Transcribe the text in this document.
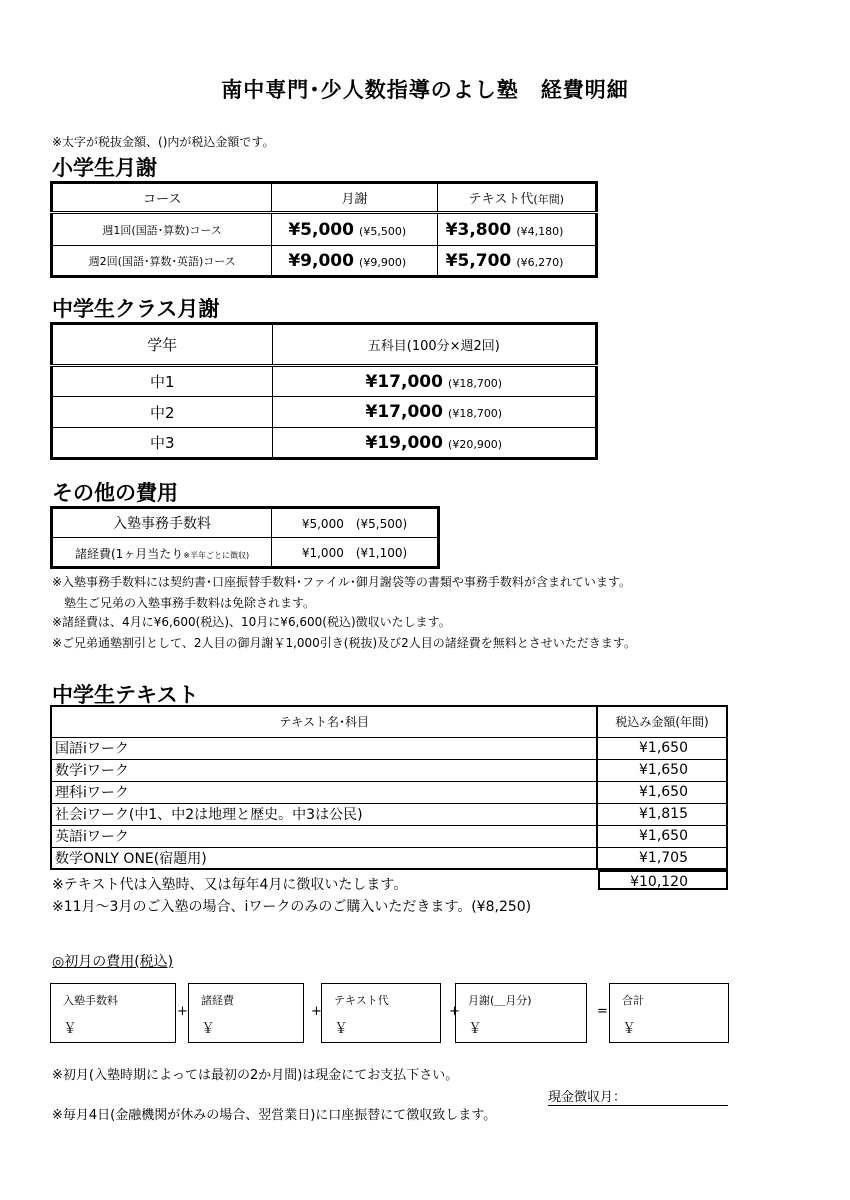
南中専門･少人数指導のよし塾　経費明細
※太字が税抜金額、()内が税込金額です。
小学生月謝
コース	月謝	テキスト代(年間)
週1回(国語･算数)コース	¥5,000 (¥5,500)	¥3,800 (¥4,180)
週2回(国語･算数･英語)コース	¥9,000 (¥9,900)	¥5,700 (¥6,270)
中学生クラス月謝
学年	五科目(100分×週2回)
中1	¥17,000 (¥18,700)
中2	¥17,000 (¥18,700)
中3	¥19,000 (¥20,900)
その他の費用
入塾事務手数料	¥5,000　(¥5,500)
諸経費(1ヶ月当たり※半年ごとに徴収)	¥1,000　(¥1,100)
※入塾事務手数料には契約書･口座振替手数料･ファイル･御月謝袋等の書類や事務手数料が含まれています。
　塾生ご兄弟の入塾事務手数料は免除されます。
※諸経費は、4月に¥6,600(税込)、10月に¥6,600(税込)徴収いたします。
※ご兄弟通塾割引として、2人目の御月謝￥1,000引き(税抜)及び2人目の諸経費を無料とさせいただきます。
中学生テキスト
テキスト名･科目	税込み金額(年間)
国語iワーク	¥1,650
数学iワーク	¥1,650
理科iワーク	¥1,650
社会iワーク(中1、中2は地理と歴史。中3は公民)	¥1,815
英語iワーク	¥1,650
数学ONLY ONE(宿題用)	¥1,705
※テキスト代は入塾時、又は毎年4月に徴収いたします。	¥10,120
※11月～3月のご入塾の場合、iワークのみのご購入いただきます。(¥8,250)
◎初月の費用(税込)
入塾手数料
￥
+
諸経費
￥
+
テキスト代
￥
+
月謝(＿月分)
￥
=
合計
￥
※初月(入塾時期によっては最初の2か月間)は現金にてお支払下さい。
現金徴収月：
※毎月4日(金融機関が休みの場合、翌営業日)に口座振替にて徴収致します。
